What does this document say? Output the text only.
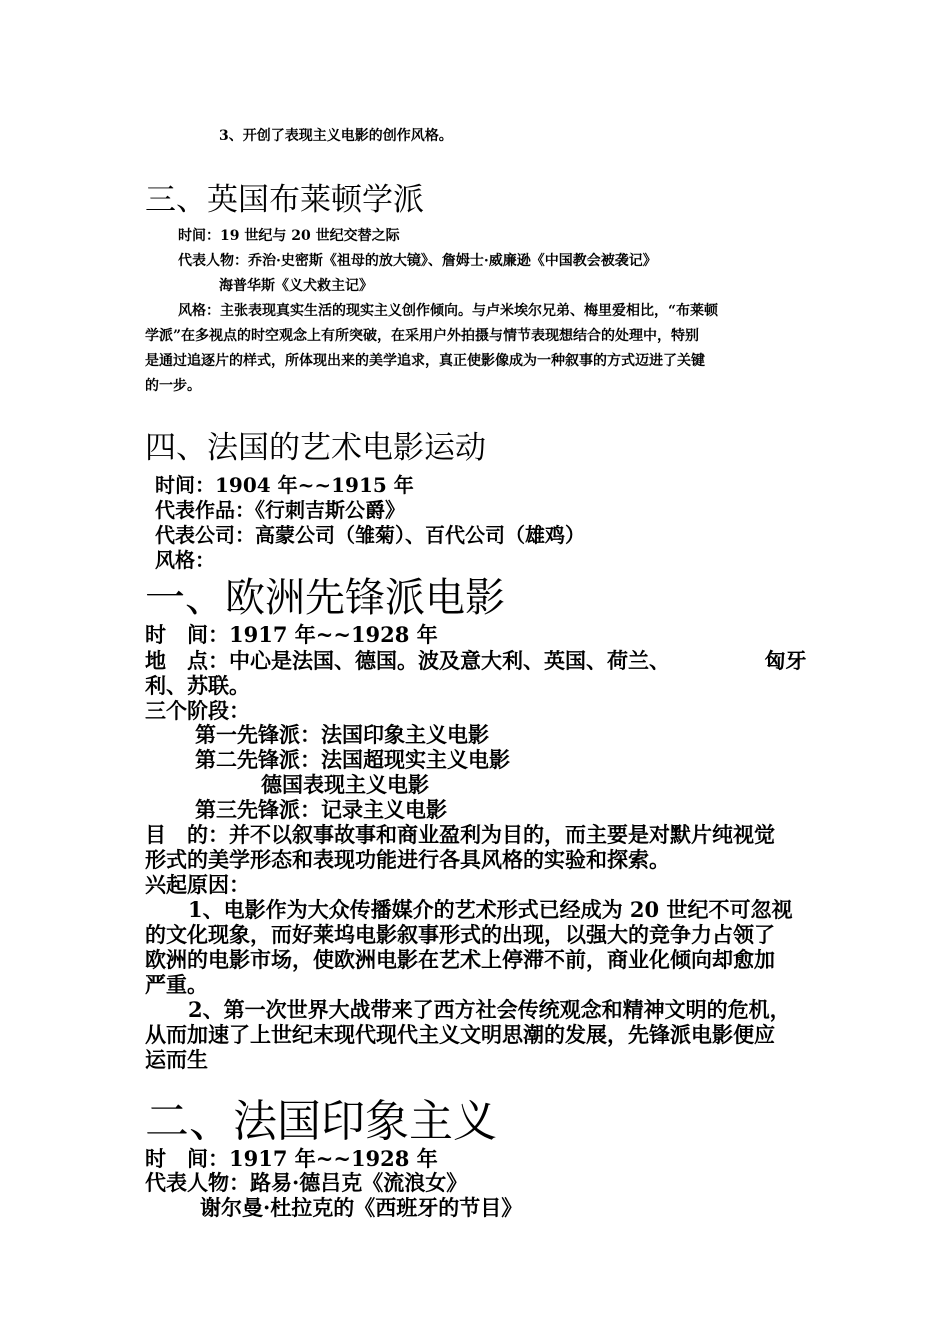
3、开创了表现主义电影的创作风格。
三、英国布莱顿学派
时间：19 世纪与 20 世纪交替之际
代表人物：乔治·史密斯《祖母的放大镜》、詹姆士·威廉逊《中国教会被袭记》
海普华斯《义犬救主记》
风格：主张表现真实生活的现实主义创作倾向。与卢米埃尔兄弟、梅里爱相比，“布莱顿
学派”在多视点的时空观念上有所突破，在采用户外拍摄与情节表现想结合的处理中，特别
是通过追逐片的样式，所体现出来的美学追求，真正使影像成为一种叙事的方式迈进了关键
的一步。
四、法国的艺术电影运动
时间：1904 年~~1915 年
代表作品：《行刺吉斯公爵》
代表公司：高蒙公司（雏菊）、百代公司（雄鸡）
风格：
一、欧洲先锋派电影
时　间：1917 年~~1928 年
地　点：中心是法国、德国。波及意大利、英国、荷兰、　　　　　匈牙
利、苏联。
三个阶段：
第一先锋派：法国印象主义电影
第二先锋派：法国超现实主义电影
德国表现主义电影
第三先锋派：记录主义电影
目　的：并不以叙事故事和商业盈利为目的，而主要是对默片纯视觉
形式的美学形态和表现功能进行各具风格的实验和探索。
兴起原因：
1、电影作为大众传播媒介的艺术形式已经成为 20 世纪不可忽视
的文化现象，而好莱坞电影叙事形式的出现，以强大的竞争力占领了
欧洲的电影市场，使欧洲电影在艺术上停滞不前，商业化倾向却愈加
严重。
2、第一次世界大战带来了西方社会传统观念和精神文明的危机，
从而加速了上世纪末现代现代主义文明思潮的发展，先锋派电影便应
运而生
二、法国印象主义
时　间：1917 年~~1928 年
代表人物：路易·德吕克《流浪女》
谢尔曼·杜拉克的《西班牙的节目》
